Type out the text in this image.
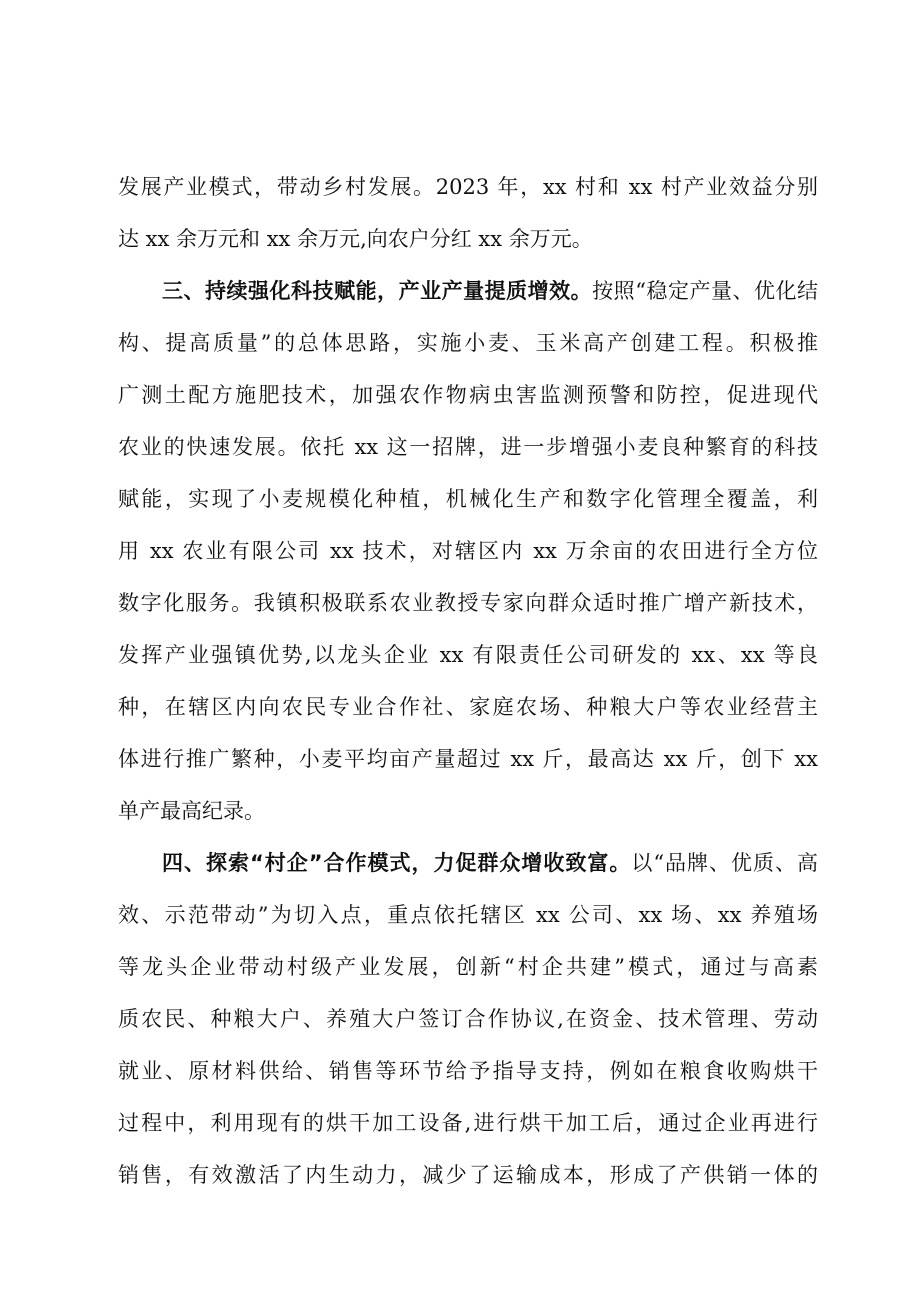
发展产业模式，带动乡村发展。2023 年，xx 村和 xx 村产业效益分别

达 xx 余万元和 xx 余万元,向农户分红 xx 余万元。

三、持续强化科技赋能，产业产量提质增效。按照“稳定产量、优化结

构、提高质量”的总体思路，实施小麦、玉米高产创建工程。积极推

广测土配方施肥技术，加强农作物病虫害监测预警和防控，促进现代

农业的快速发展。依托 xx 这一招牌，进一步增强小麦良种繁育的科技

赋能，实现了小麦规模化种植，机械化生产和数字化管理全覆盖，利

用 xx 农业有限公司 xx 技术，对辖区内 xx 万余亩的农田进行全方位

数字化服务。我镇积极联系农业教授专家向群众适时推广增产新技术，

发挥产业强镇优势,以龙头企业 xx 有限责任公司研发的 xx、xx 等良

种，在辖区内向农民专业合作社、家庭农场、种粮大户等农业经营主

体进行推广繁种，小麦平均亩产量超过 xx 斤，最高达 xx 斤，创下 xx

单产最高纪录。

四、探索“村企”合作模式，力促群众增收致富。以“品牌、优质、高

效、示范带动”为切入点，重点依托辖区 xx 公司、xx 场、xx 养殖场

等龙头企业带动村级产业发展，创新“村企共建”模式，通过与高素

质农民、种粮大户、养殖大户签订合作协议,在资金、技术管理、劳动

就业、原材料供给、销售等环节给予指导支持，例如在粮食收购烘干

过程中，利用现有的烘干加工设备,进行烘干加工后，通过企业再进行

销售，有效激活了内生动力，减少了运输成本，形成了产供销一体的
